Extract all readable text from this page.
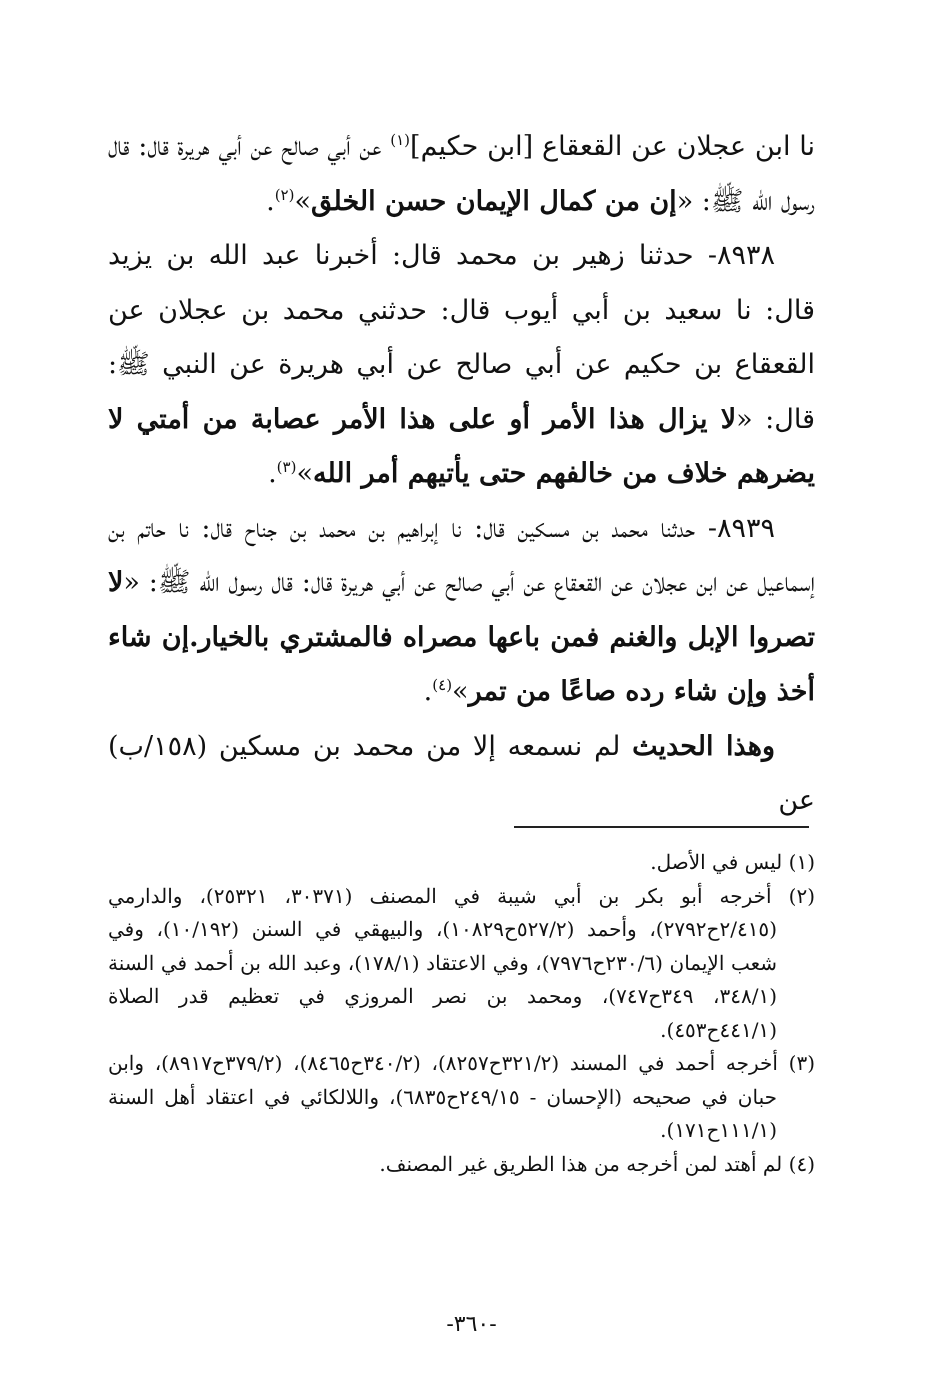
نا ابن عجلان عن القعقاع [ابن حكيم]$^{(١)}$ عن أبي صالح عن أبي هريرة قال: قال رسول الله ﷺ: «إن من كمال الإيمان حسن الخلق»$^{(٢)}$.

٨٩٣٨- حدثنا زهير بن محمد قال: أخبرنا عبد الله بن يزيد قال: نا سعيد بن أبي أيوب قال: حدثني محمد بن عجلان عن القعقاع بن حكيم عن أبي صالح عن أبي هريرة عن النبي ﷺ: قال: «لا يزال هذا الأمر أو على هذا الأمر عصابة من أمتي لا يضرهم خلاف من خالفهم حتى يأتيهم أمر الله»$^{(٣)}$.

٨٩٣٩- حدثنا محمد بن مسكين قال: نا إبراهيم بن محمد بن جناح قال: نا حاتم بن إسماعيل عن ابن عجلان عن القعقاع عن أبي صالح عن أبي هريرة قال: قال رسول الله ﷺ: «لا تصروا الإبل والغنم فمن باعها مصراه فالمشتري بالخيار.إن شاء أخذ وإن شاء رده صاعًا من تمر»$^{(٤)}$.

وهذا الحديث لم نسمعه إلا من محمد بن مسكين (١٥٨/ب) عن

(١) ليس في الأصل.

(٢) أخرجه أبو بكر بن أبي شيبة في المصنف (٣٠٣٧١، ٢٥٣٢١)، والدارمي (٢/٤١٥ح٢٧٩٢)، وأحمد (٥٢٧/٢ح١٠٨٢٩)، والبيهقي في السنن (١٠/١٩٢)، وفي شعب الإيمان (٢٣٠/٦ح٧٩٧٦)، وفي الاعتقاد (١٧٨/١)، وعبد الله بن أحمد في السنة (٣٤٨/١، ٣٤٩ح٧٤٧)، ومحمد بن نصر المروزي في تعظيم قدر الصلاة (٤٤١/١ح٤٥٣).

(٣) أخرجه أحمد في المسند (٣٢١/٢ح٨٢٥٧)، (٣٤٠/٢ح٨٤٦٥)، (٣٧٩/٢ح٨٩١٧)، وابن حبان في صحيحه (الإحسان - ٢٤٩/١٥ح٦٨٣٥)، واللالكائي في اعتقاد أهل السنة (١١١/١ح١٧١).

(٤) لم أهتد لمن أخرجه من هذا الطريق غير المصنف.

-٣٦٠-
